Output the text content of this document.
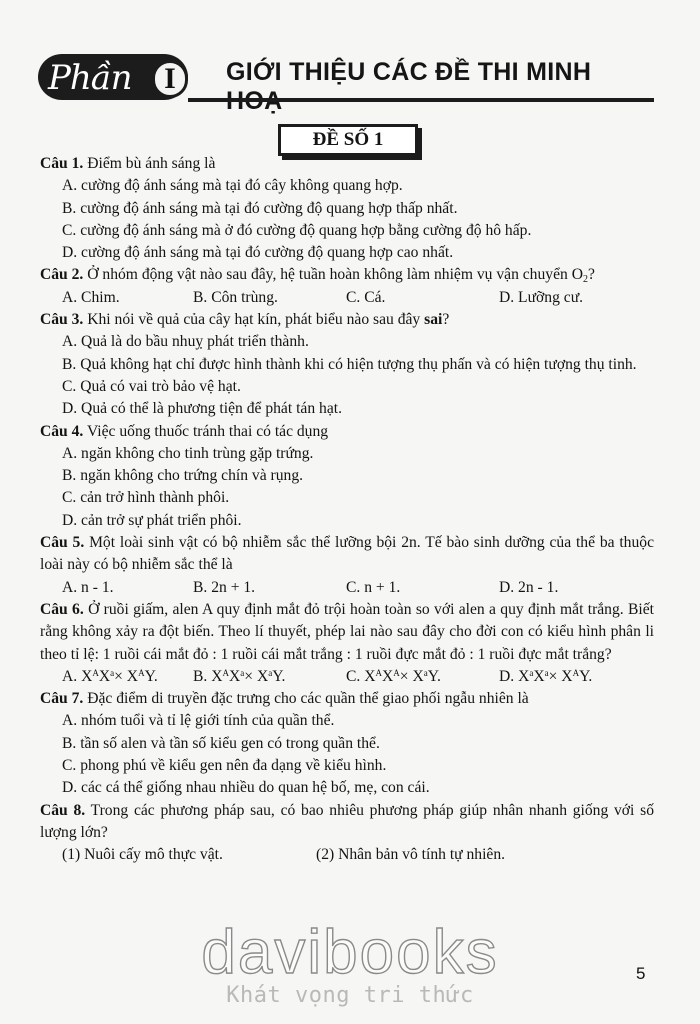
Phần	I	GIỚI THIỆU CÁC ĐỀ THI MINH
ĐỀ SỐ 1
Câu 1. Điểm bù ánh sáng là
A. cường độ ánh sáng mà tại đó cây không quang hợp.
B. cường độ ánh sáng mà tại đó cường độ quang hợp thấp nhất.
C. cường độ ánh sáng mà ở đó cường độ quang hợp bằng cường độ hô hấp.
D. cường độ ánh sáng mà tại đó cường độ quang hợp cao nhất.
Câu 2. Ở nhóm động vật nào sau đây, hệ tuần hoàn không làm nhiệm vụ vận chuyển $O_2$?
A. Chim.	B. Côn trùng.	C. Cá.	D. Lưỡng cư.
Câu 3. Khi nói về quả của cây hạt kín, phát biểu nào sau đây sai?
A. Quả là do bầu nhuỵ phát triển thành.
B. Quả không hạt chỉ được hình thành khi có hiện tượng thụ phấn và có hiện tượng thụ tinh.
C. Quả có vai trò bảo vệ hạt.
D. Quả có thể là phương tiện để phát tán hạt.
Câu 4. Việc uống thuốc tránh thai có tác dụng
A. ngăn không cho tinh trùng gặp trứng.
B. ngăn không cho trứng chín và rụng.
C. cản trở hình thành phôi.
D. cản trở sự phát triển phôi.
Câu 5. Một loài sinh vật có bộ nhiễm sắc thể lưỡng bội 2n. Tế bào sinh dưỡng của thể ba thuộc loài này có bộ nhiễm sắc thể là
A. n - 1.	B. 2n + 1.	C. n + 1.	D. 2n - 1.
Câu 6. Ở ruồi giấm, alen A quy định mắt đỏ trội hoàn toàn so với alen a quy định mắt trắng. Biết rằng không xảy ra đột biến. Theo lí thuyết, phép lai nào sau đây cho đời con có kiểu hình phân li theo tỉ lệ: 1 ruồi cái mắt đỏ : 1 ruồi cái mắt trắng : 1 ruồi đực mắt đỏ : 1 ruồi đực mắt trắng?
A. $X^AX^a\times X^AY$.	B. $X^AX^a\times X^aY$.	C. $X^AX^A\times X^aY$.	D. $X^aX^a\times X^AY$.
Câu 7. Đặc điểm di truyền đặc trưng cho các quần thể giao phối ngẫu nhiên là
A. nhóm tuổi và tỉ lệ giới tính của quần thể.
B. tần số alen và tần số kiểu gen có trong quần thể.
C. phong phú về kiểu gen nên đa dạng về kiểu hình.
D. các cá thể giống nhau nhiều do quan hệ bố, mẹ, con cái.
Câu 8. Trong các phương pháp sau, có bao nhiêu phương pháp giúp nhân nhanh giống với số lượng lớn?
(1) Nuôi cấy mô thực vật.	(2) Nhân bản vô tính tự nhiên.
davibooks
Khát vọng tri thức
5
